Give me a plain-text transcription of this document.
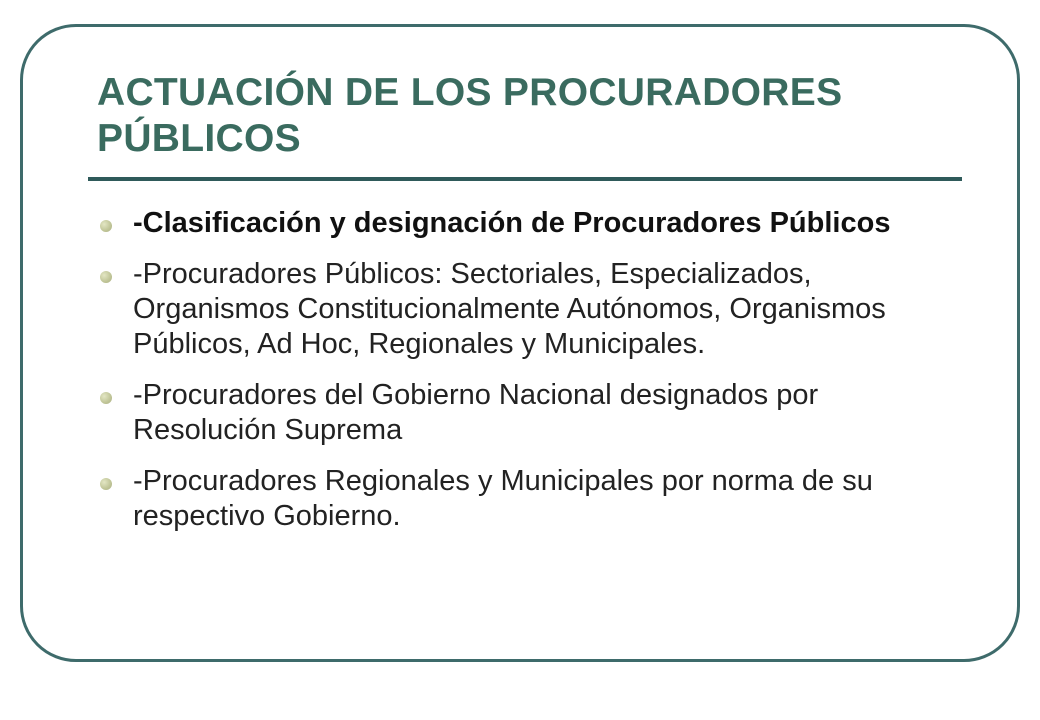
ACTUACIÓN DE LOS PROCURADORES PÚBLICOS
-Clasificación y designación de Procuradores Públicos
-Procuradores Públicos: Sectoriales, Especializados, Organismos Constitucionalmente Autónomos, Organismos Públicos, Ad Hoc, Regionales y Municipales.
-Procuradores del Gobierno Nacional designados por Resolución Suprema
-Procuradores Regionales y Municipales por norma de su respectivo Gobierno.
